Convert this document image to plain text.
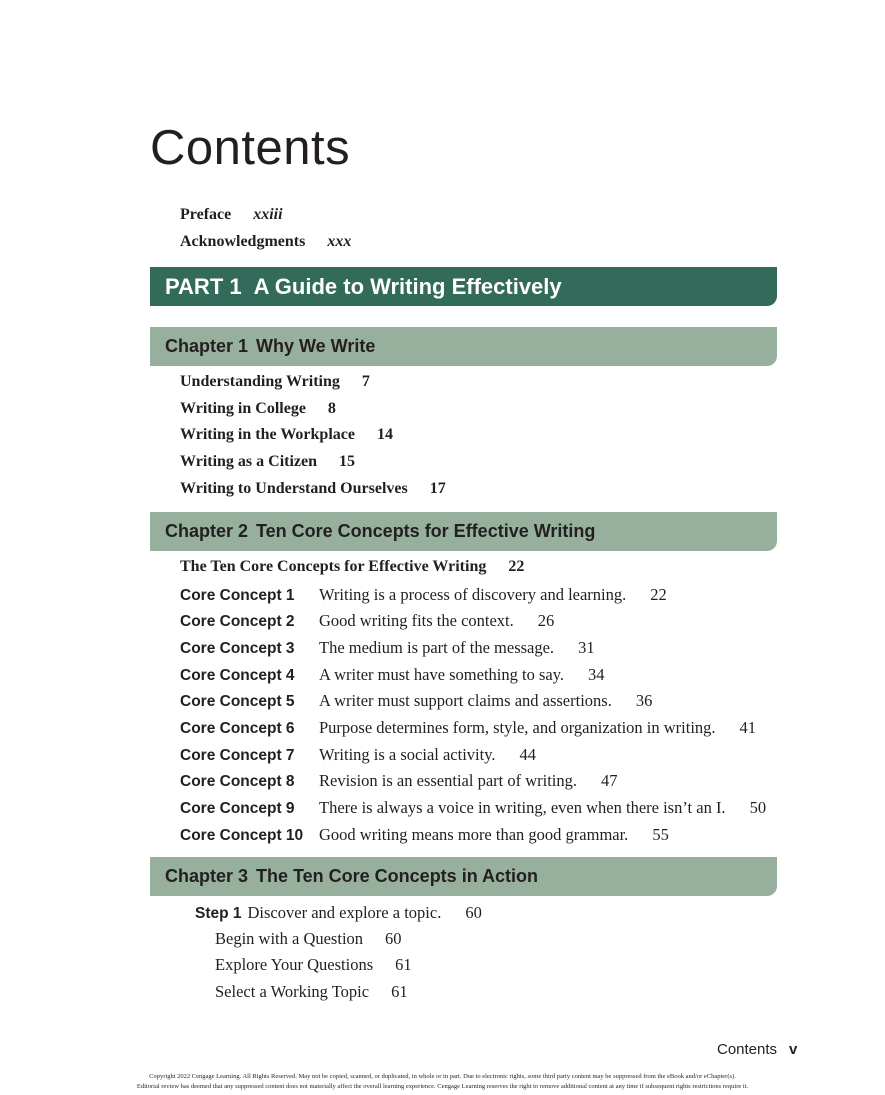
Contents
Preface xxiii
Acknowledgments xxx
PART 1 A Guide to Writing Effectively
Chapter 1 Why We Write
Understanding Writing 7
Writing in College 8
Writing in the Workplace 14
Writing as a Citizen 15
Writing to Understand Ourselves 17
Chapter 2 Ten Core Concepts for Effective Writing
The Ten Core Concepts for Effective Writing 22
Core Concept 1 Writing is a process of discovery and learning. 22
Core Concept 2 Good writing fits the context. 26
Core Concept 3 The medium is part of the message. 31
Core Concept 4 A writer must have something to say. 34
Core Concept 5 A writer must support claims and assertions. 36
Core Concept 6 Purpose determines form, style, and organization in writing. 41
Core Concept 7 Writing is a social activity. 44
Core Concept 8 Revision is an essential part of writing. 47
Core Concept 9 There is always a voice in writing, even when there isn’t an I. 50
Core Concept 10 Good writing means more than good grammar. 55
Chapter 3 The Ten Core Concepts in Action
Step 1 Discover and explore a topic. 60
Begin with a Question 60
Explore Your Questions 61
Select a Working Topic 61
Contents v
Copyright 2022 Cengage Learning. All Rights Reserved. May not be copied, scanned, or duplicated, in whole or in part. Due to electronic rights, some third party content may be suppressed from the eBook and/or eChapter(s).
Editorial review has deemed that any suppressed content does not materially affect the overall learning experience. Cengage Learning reserves the right to remove additional content at any time if subsequent rights restrictions require it.
